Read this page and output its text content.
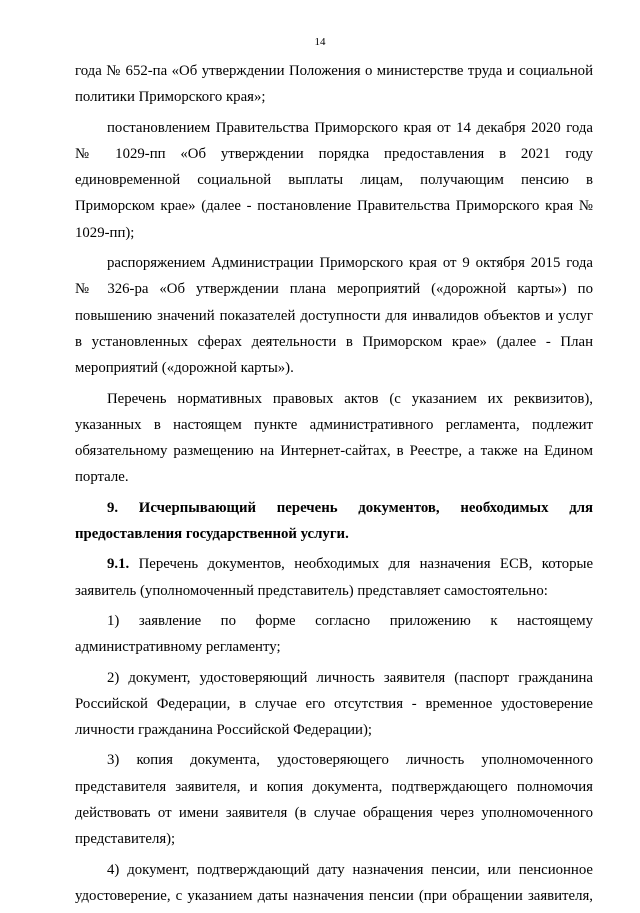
14

года № 652-па «Об утверждении Положения о министерстве труда и социальной политики Приморского края»;

постановлением Правительства Приморского края от 14 декабря 2020 года № 1029-пп «Об утверждении порядка предоставления в 2021 году единовременной социальной выплаты лицам, получающим пенсию в Приморском крае» (далее - постановление Правительства Приморского края № 1029-пп);

распоряжением Администрации Приморского края от 9 октября 2015 года № 326-ра «Об утверждении плана мероприятий («дорожной карты») по повышению значений показателей доступности для инвалидов объектов и услуг в установленных сферах деятельности в Приморском крае» (далее - План мероприятий («дорожной карты»).

Перечень нормативных правовых актов (с указанием их реквизитов), указанных в настоящем пункте административного регламента, подлежит обязательному размещению на Интернет-сайтах, в Реестре, а также на Едином портале.

9. Исчерпывающий перечень документов, необходимых для предоставления государственной услуги.

9.1. Перечень документов, необходимых для назначения ЕСВ, которые заявитель (уполномоченный представитель) представляет самостоятельно:

1) заявление по форме согласно приложению к настоящему административному регламенту;

2) документ, удостоверяющий личность заявителя (паспорт гражданина Российской Федерации, в случае его отсутствия - временное удостоверение личности гражданина Российской Федерации);

3) копия документа, удостоверяющего личность уполномоченного представителя заявителя, и копия документа, подтверждающего полномочия действовать от имени заявителя (в случае обращения через уполномоченного представителя);

4) документ, подтверждающий дату назначения пенсии, или пенсионное удостоверение, с указанием даты назначения пенсии (при обращении заявителя,
